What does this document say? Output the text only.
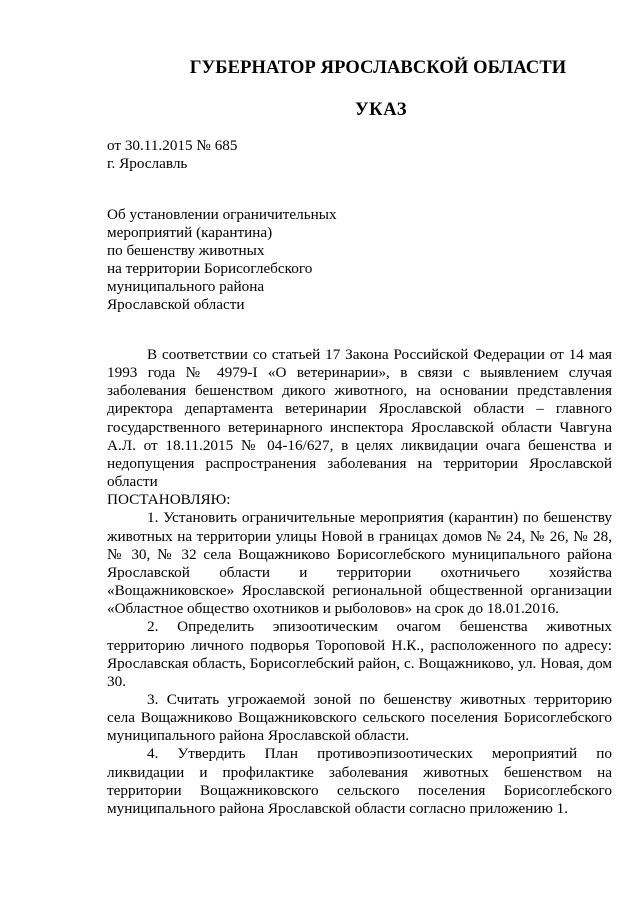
ГУБЕРНАТОР ЯРОСЛАВСКОЙ ОБЛАСТИ
УКАЗ
от 30.11.2015 № 685
г. Ярославль
Об установлении ограничительных
мероприятий (карантина)
по бешенству животных
на территории Борисоглебского
муниципального района
Ярославской области

В соответствии со статьей 17 Закона Российской Федерации от 14 мая 1993 года № 4979-I «О ветеринарии», в связи с выявлением случая заболевания бешенством дикого животного, на основании представления директора департамента ветеринарии Ярославской области – главного государственного ветеринарного инспектора Ярославской области Чавгуна А.Л. от 18.11.2015 № 04-16/627, в целях ликвидации очага бешенства и недопущения распространения заболевания на территории Ярославской области

ПОСТАНОВЛЯЮ:

1. Установить ограничительные мероприятия (карантин) по бешенству животных на территории улицы Новой в границах домов № 24, № 26, № 28, № 30, № 32 села Вощажниково Борисоглебского муниципального района Ярославской области и территории охотничьего хозяйства «Вощажниковское» Ярославской региональной общественной организации «Областное общество охотников и рыболовов» на срок до 18.01.2016.

2. Определить эпизоотическим очагом бешенства животных территорию личного подворья Тороповой Н.К., расположенного по адресу: Ярославская область, Борисоглебский район, с. Вощажниково, ул. Новая, дом 30.

3. Считать угрожаемой зоной по бешенству животных территорию села Вощажниково Вощажниковского сельского поселения Борисоглебского муниципального района Ярославской области.

4. Утвердить План противоэпизоотических мероприятий по ликвидации и профилактике заболевания животных бешенством на территории Вощажниковского сельского поселения Борисоглебского муниципального района Ярославской области согласно приложению 1.
